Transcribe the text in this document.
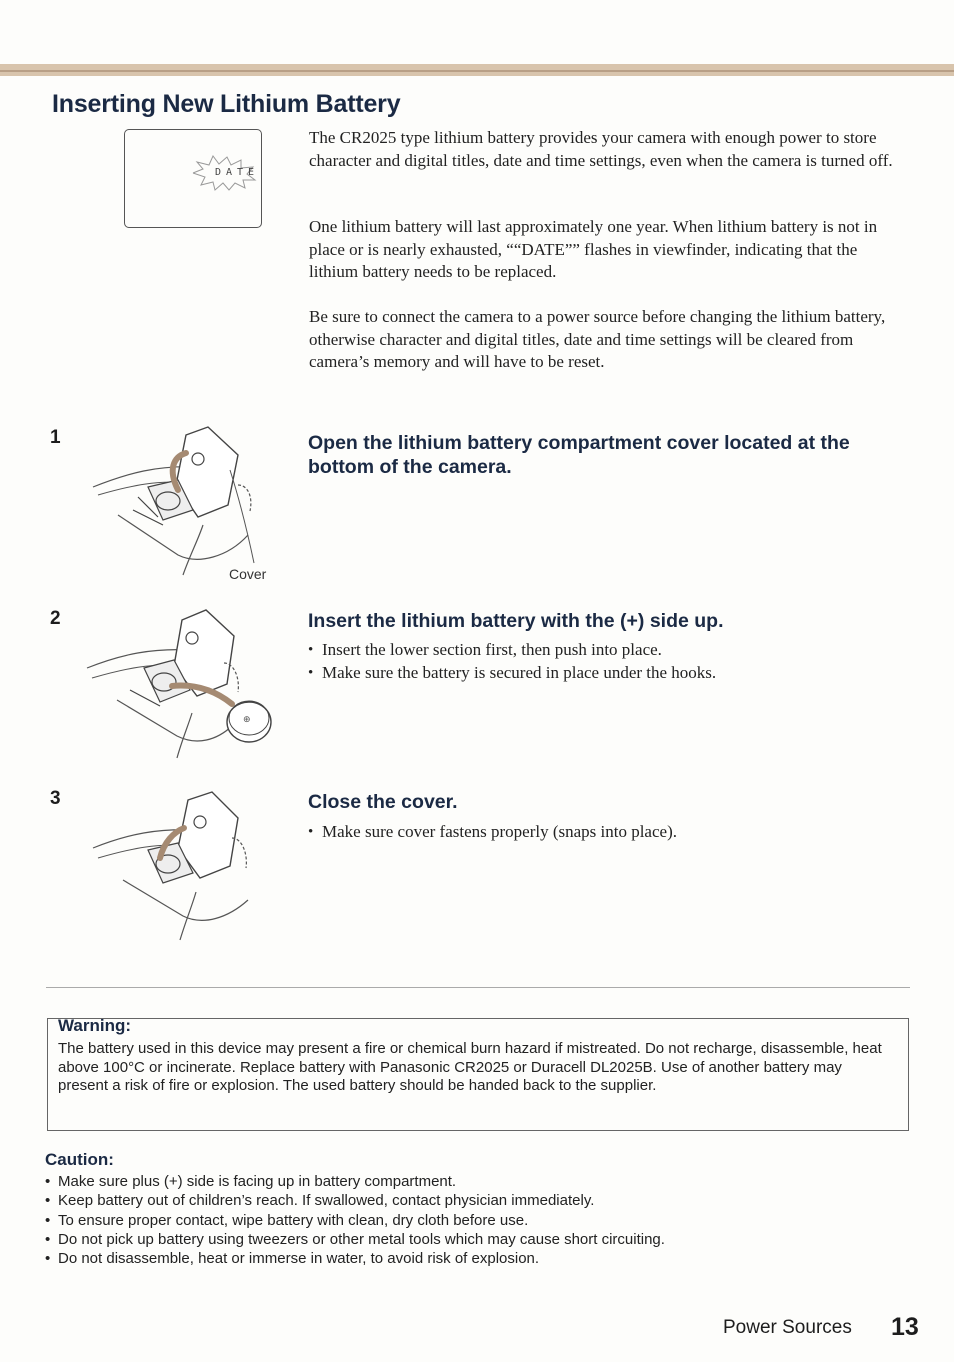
Inserting New Lithium Battery
DATE

The CR2025 type lithium battery provides your camera with enough power to store character and digital titles, date and time settings, even when the camera is turned off.

One lithium battery will last approximately one year. When lithium battery is not in place or is nearly exhausted, ““DATE”” flashes in viewfinder, indicating that the lithium battery needs to be replaced.

Be sure to connect the camera to a power source before changing the lithium battery, otherwise character and digital titles, date and time settings will be cleared from camera’s memory and will have to be reset.

1
Cover
Open the lithium battery compartment cover located at the bottom of the camera.
2
⊕
Insert the lithium battery with the (+) side up.
• Insert the lower section first, then push into place.
• Make sure the battery is secured in place under the hooks.
3	Close the cover.
• Make sure cover fastens properly (snaps into place).
Warning:

The battery used in this device may present a fire or chemical burn hazard if mistreated. Do not recharge, disassemble, heat above 100°C or incinerate. Replace battery with Panasonic CR2025 or Duracell DL2025B. Use of another battery may present a risk of fire or explosion. The used battery should be handed back to the supplier.

Caution:
• Make sure plus (+) side is facing up in battery compartment.
• Keep battery out of children’s reach. If swallowed, contact physician immediately.
• To ensure proper contact, wipe battery with clean, dry cloth before use.
• Do not pick up battery using tweezers or other metal tools which may cause short circuiting.
• Do not disassemble, heat or immerse in water, to avoid risk of explosion.
Power Sources 13
